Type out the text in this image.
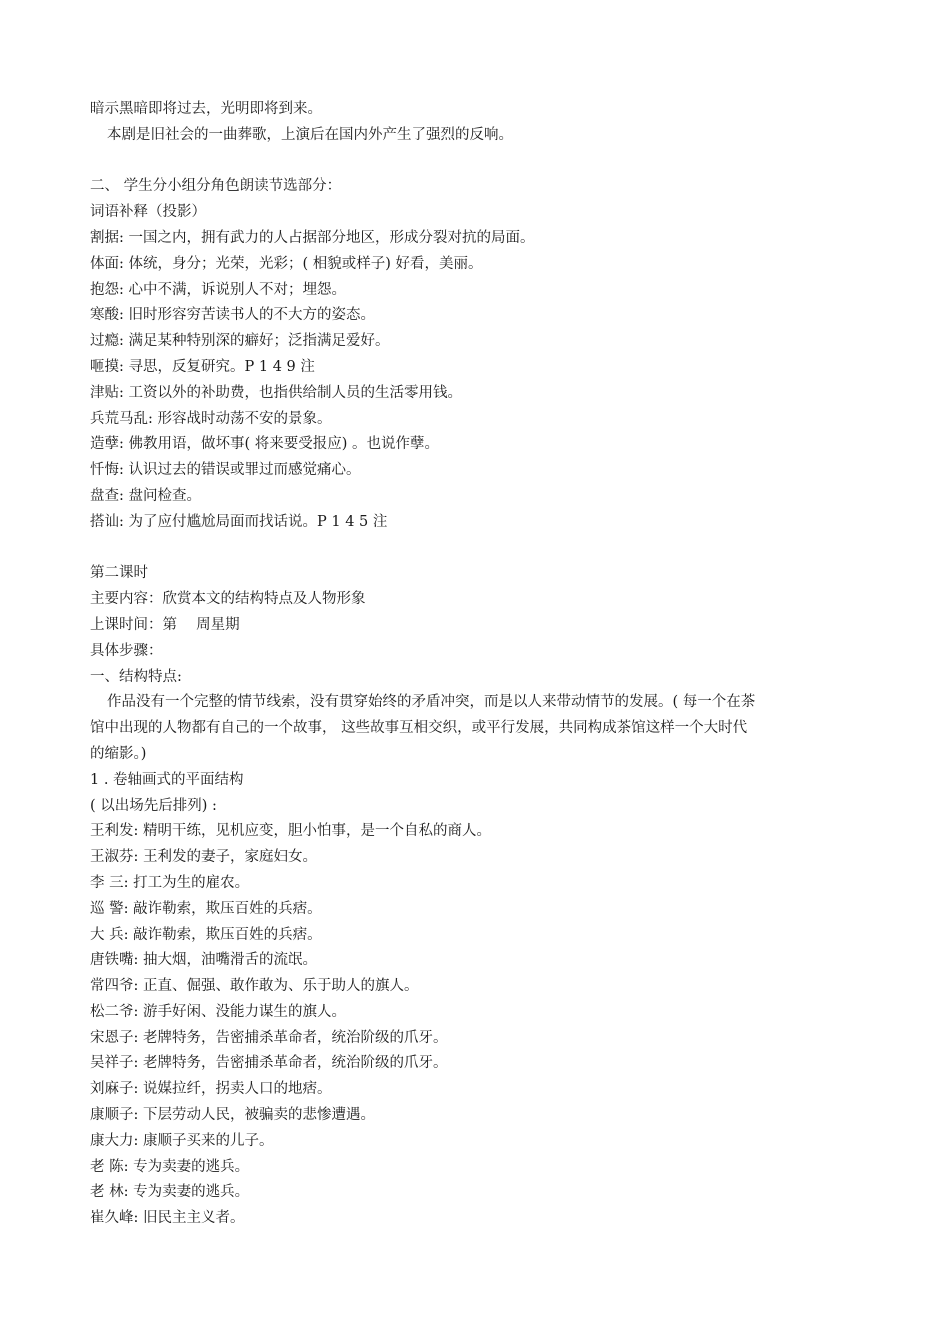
暗示黑暗即将过去，光明即将到来。
本剧是旧社会的一曲葬歌，上演后在国内外产生了强烈的反响。
二、 学生分小组分角色朗读节选部分：
词语补释（投影）
割据: 一国之内，拥有武力的人占据部分地区，形成分裂对抗的局面。
体面: 体统，身分；光荣，光彩；( 相貌或样子) 好看，美丽。
抱怨: 心中不满，诉说别人不对；埋怨。
寒酸: 旧时形容穷苦读书人的不大方的姿态。
过瘾: 满足某种特别深的癖好；泛指满足爱好。
咂摸: 寻思，反复研究。P 1 4 9 注
津贴: 工资以外的补助费，也指供给制人员的生活零用钱。
兵荒马乱: 形容战时动荡不安的景象。
造孽: 佛教用语，做坏事( 将来要受报应) 。也说作孽。
忏悔: 认识过去的错误或罪过而感觉痛心。
盘查: 盘问检查。
搭讪: 为了应付尴尬局面而找话说。P 1 4 5 注
第二课时
主要内容：欣赏本文的结构特点及人物形象
上课时间：第　 周星期
具体步骤：
一、结构特点:
作品没有一个完整的情节线索，没有贯穿始终的矛盾冲突，而是以人来带动情节的发展。( 每一个在茶
馆中出现的人物都有自己的一个故事， 这些故事互相交织，或平行发展，共同构成茶馆这样一个大时代
的缩影。)
1 . 卷轴画式的平面结构
( 以出场先后排列) :
王利发: 精明干练，见机应变，胆小怕事，是一个自私的商人。
王淑芬: 王利发的妻子，家庭妇女。
李 三: 打工为生的雇农。
巡 警: 敲诈勒索，欺压百姓的兵痞。
大 兵: 敲诈勒索，欺压百姓的兵痞。
唐铁嘴: 抽大烟，油嘴滑舌的流氓。
常四爷: 正直、倔强、敢作敢为、乐于助人的旗人。
松二爷: 游手好闲、没能力谋生的旗人。
宋恩子: 老牌特务，告密捕杀革命者，统治阶级的爪牙。
吴祥子: 老牌特务，告密捕杀革命者，统治阶级的爪牙。
刘麻子: 说媒拉纤，拐卖人口的地痞。
康顺子: 下层劳动人民，被骗卖的悲惨遭遇。
康大力: 康顺子买来的儿子。
老 陈: 专为卖妻的逃兵。
老 林: 专为卖妻的逃兵。
崔久峰: 旧民主主义者。
